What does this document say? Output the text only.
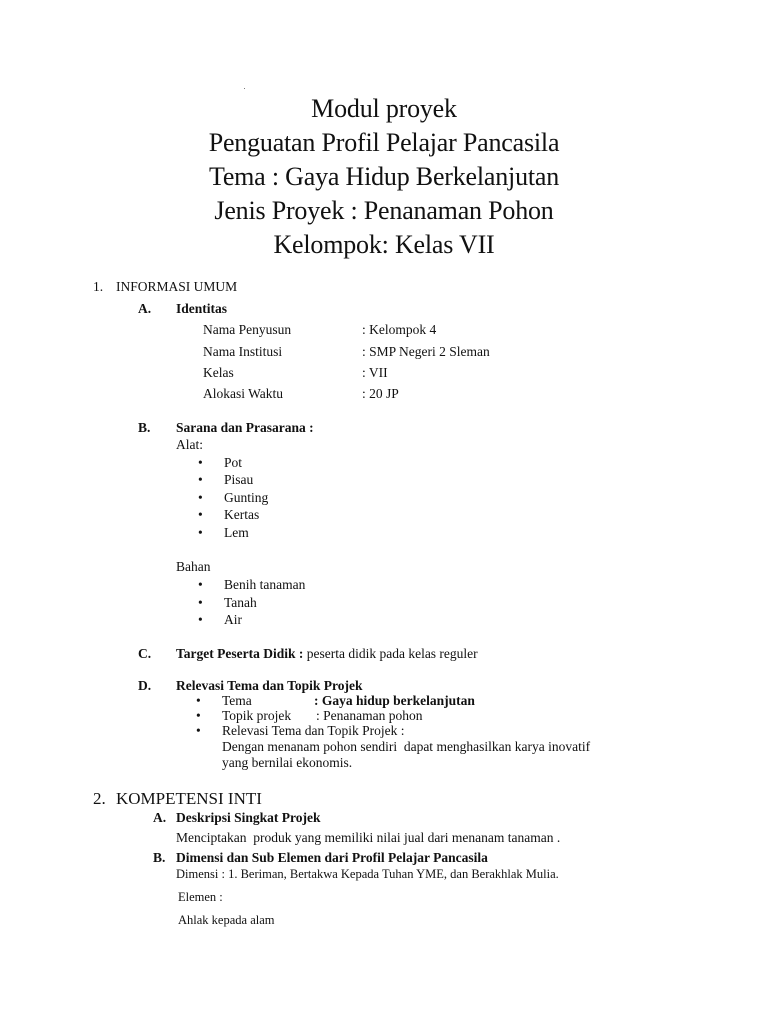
Modul proyek
Penguatan Profil Pelajar Pancasila
Tema : Gaya Hidup Berkelanjutan
Jenis Proyek : Penanaman Pohon
Kelompok: Kelas VII
1. INFORMASI UMUM
A. Identitas
Nama Penyusun	: Kelompok 4
Nama Institusi	: SMP Negeri 2 Sleman
Kelas	: VII
Alokasi Waktu	: 20 JP
B. Sarana dan Prasarana :
Alat:
• Pot
• Pisau
• Gunting
• Kertas
• Lem
Bahan
• Benih tanaman
• Tanah
• Air
C. Target Peserta Didik : peserta didik pada kelas reguler
D. Relevasi Tema dan Topik Projek
• Tema	: Gaya hidup berkelanjutan
• Topik projek : Penanaman pohon
• Relevasi Tema dan Topik Projek :
Dengan menanam pohon sendiri  dapat menghasilkan karya inovatif
yang bernilai ekonomis.
2. KOMPETENSI INTI
A. Deskripsi Singkat Projek
Menciptakan  produk yang memiliki nilai jual dari menanam tanaman .
B. Dimensi dan Sub Elemen dari Profil Pelajar Pancasila
Dimensi : 1. Beriman, Bertakwa Kepada Tuhan YME, dan Berakhlak Mulia.
Elemen :
Ahlak kepada alam
